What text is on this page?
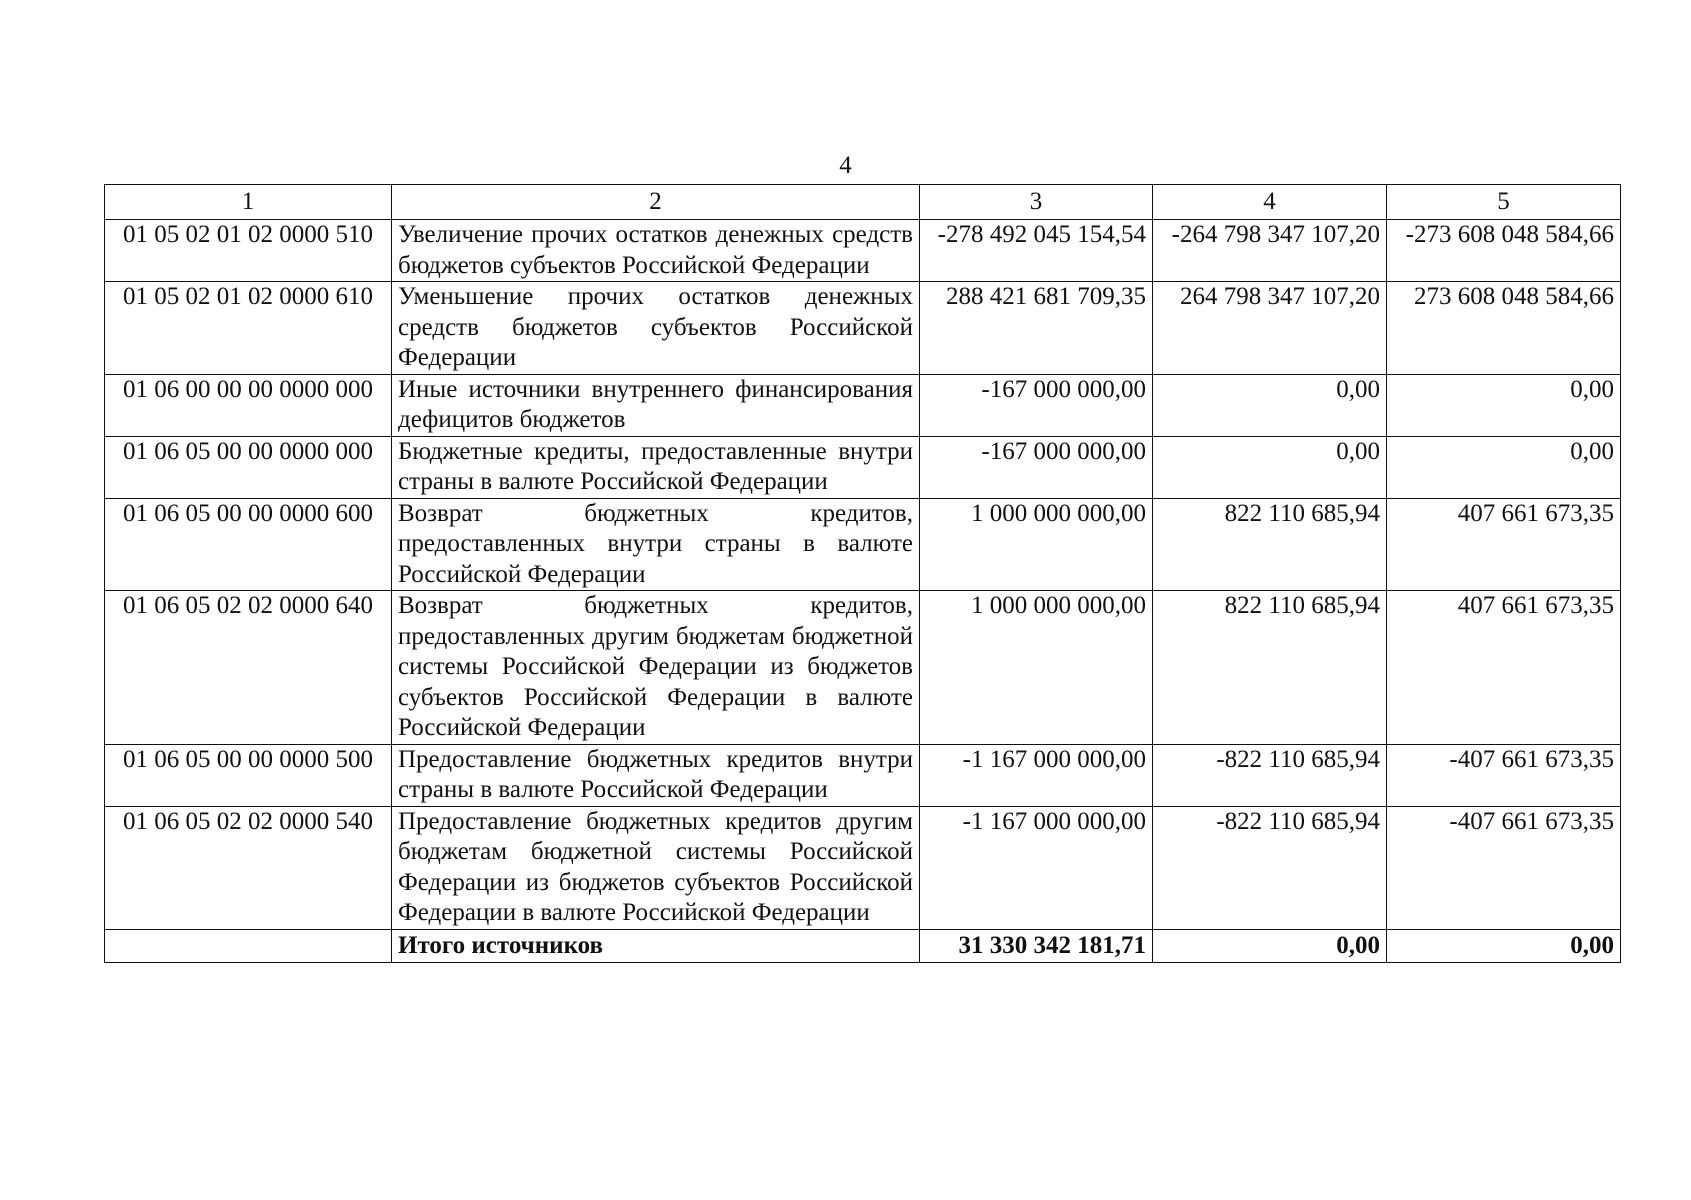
4
1	2	3	4	5
01 05 02 01 02 0000 510	Увеличение прочих остатков денежных средств бюджетов субъектов Российской Федерации	-278 492 045 154,54	-264 798 347 107,20	-273 608 048 584,66
01 05 02 01 02 0000 610	Уменьшение прочих остатков денежных средств бюджетов субъектов Российской Федерации	288 421 681 709,35	264 798 347 107,20	273 608 048 584,66
01 06 00 00 00 0000 000	Иные источники внутреннего финансирования дефицитов бюджетов	-167 000 000,00	0,00	0,00
01 06 05 00 00 0000 000	Бюджетные кредиты, предоставленные внутри страны в валюте Российской Федерации	-167 000 000,00	0,00	0,00
01 06 05 00 00 0000 600	Возврат бюджетных кредитов, предоставленных внутри страны в валюте Российской Федерации	1 000 000 000,00	822 110 685,94	407 661 673,35
01 06 05 02 02 0000 640	Возврат бюджетных кредитов, предоставленных другим бюджетам бюджетной системы Российской Федерации из бюджетов субъектов Российской Федерации в валюте Российской Федерации	1 000 000 000,00	822 110 685,94	407 661 673,35
01 06 05 00 00 0000 500	Предоставление бюджетных кредитов внутри страны в валюте Российской Федерации	-1 167 000 000,00	-822 110 685,94	-407 661 673,35
01 06 05 02 02 0000 540	Предоставление бюджетных кредитов другим бюджетам бюджетной системы Российской Федерации из бюджетов субъектов Российской Федерации в валюте Российской Федерации	-1 167 000 000,00	-822 110 685,94	-407 661 673,35
	Итого источников	31 330 342 181,71	0,00	0,00
